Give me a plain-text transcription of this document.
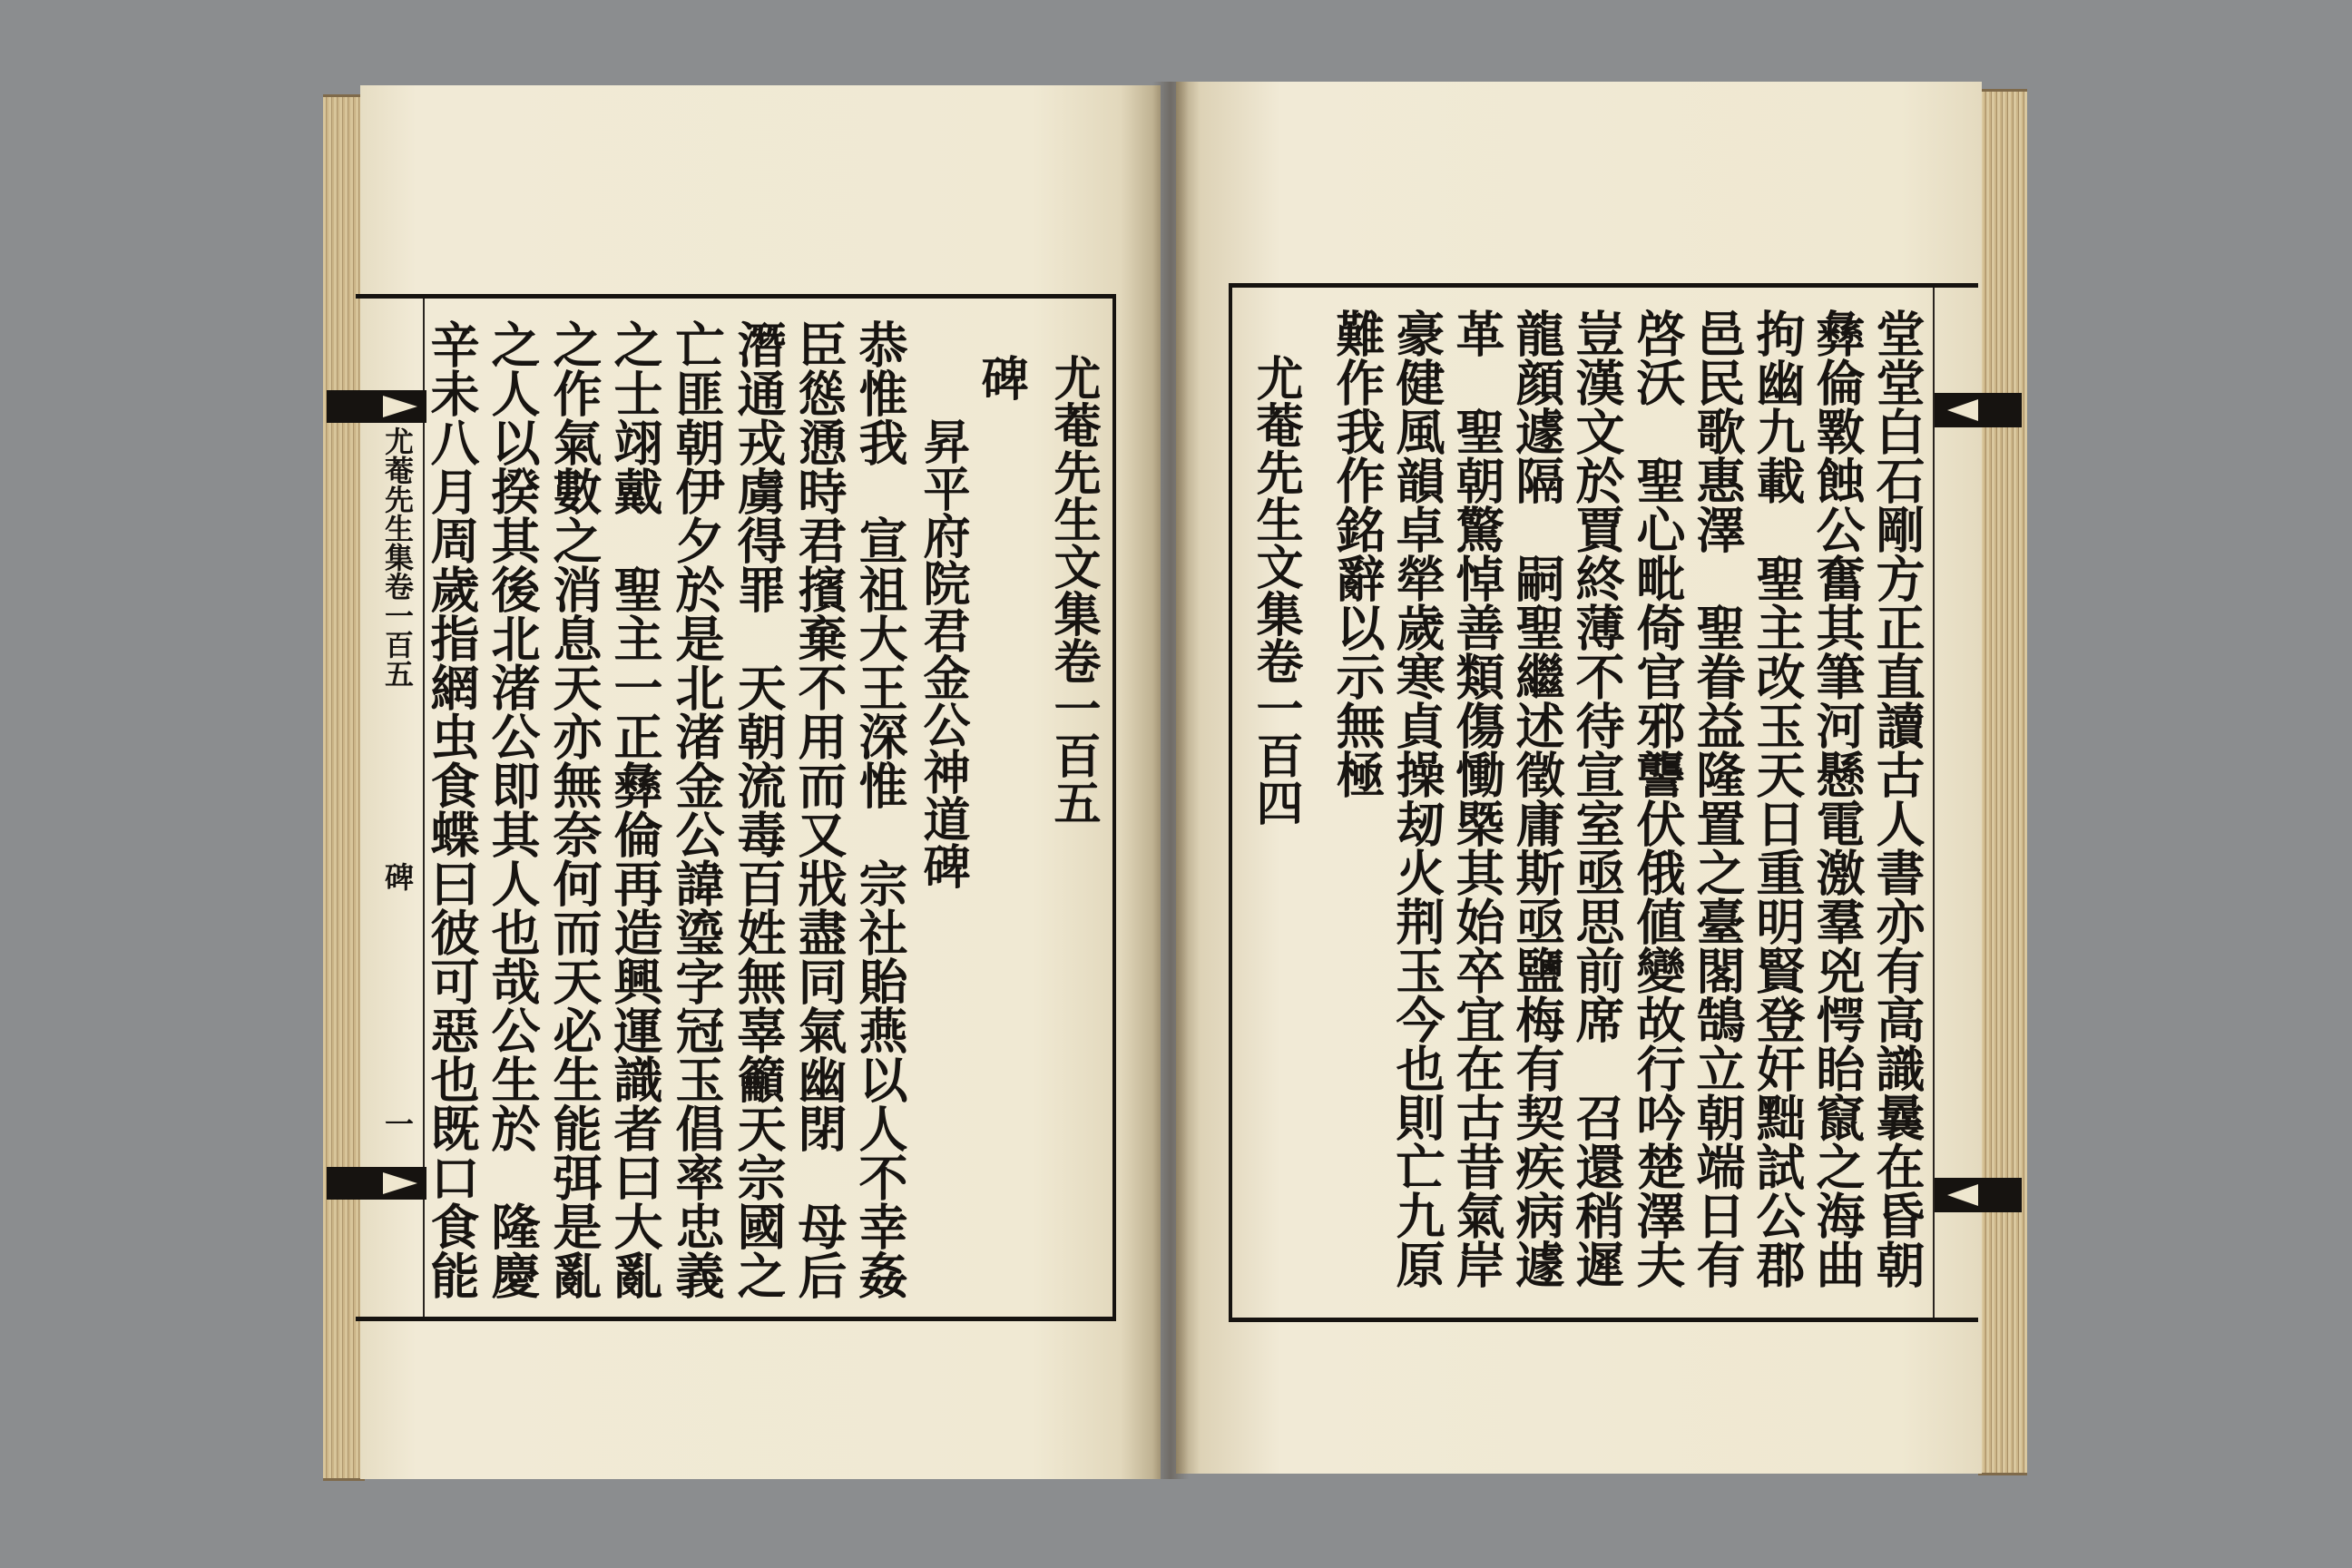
尤菴先生文集卷一百五
碑
昇平府院君金公神道碑
恭惟我　宣祖大王深惟　宗社貽燕以人不幸姦
臣慫慂時君擯棄不用而又戕盡同氣幽閉　母后
潛通戎虜得罪　天朝流毒百姓無辜籲天宗國之
亡匪朝伊夕於是北渚金公諱瑬字冠玉倡率忠義
之士翊戴　聖主一正彝倫再造興運識者曰大亂
之作氣數之消息天亦無奈何而天必生能弭是亂
之人以揆其後北渚公即其人也哉公生於　隆慶
辛未八月周歲指網虫食蝶曰彼可惡也既口食能
尤菴先生集卷一百五
碑
一	堂堂白石剛方正直讀古人書亦有高識曩在昏朝
彝倫斁蝕公奮其筆河懸電激羣兇愕眙竄之海曲
拘幽九載　聖主改玉天日重明賢登奸黜試公郡
邑民歌惠澤　聖眷益隆置之臺閣鵠立朝端日有
啓沃　聖心毗倚官邪讋伏俄値變故行吟楚澤夫
豈漢文於賈終薄不待宣室亟思前席　召還稍遲
龍顔遽隔　嗣聖繼述徵庸斯亟鹽梅有契疾病遽
革　聖朝驚悼善類傷慟槩其始卒宜在古昔氣岸
豪健風韻卓犖歲寒貞操刼火荆玉今也則亡九原
難作我作銘辭以示無極
尤菴先生文集卷一百四
